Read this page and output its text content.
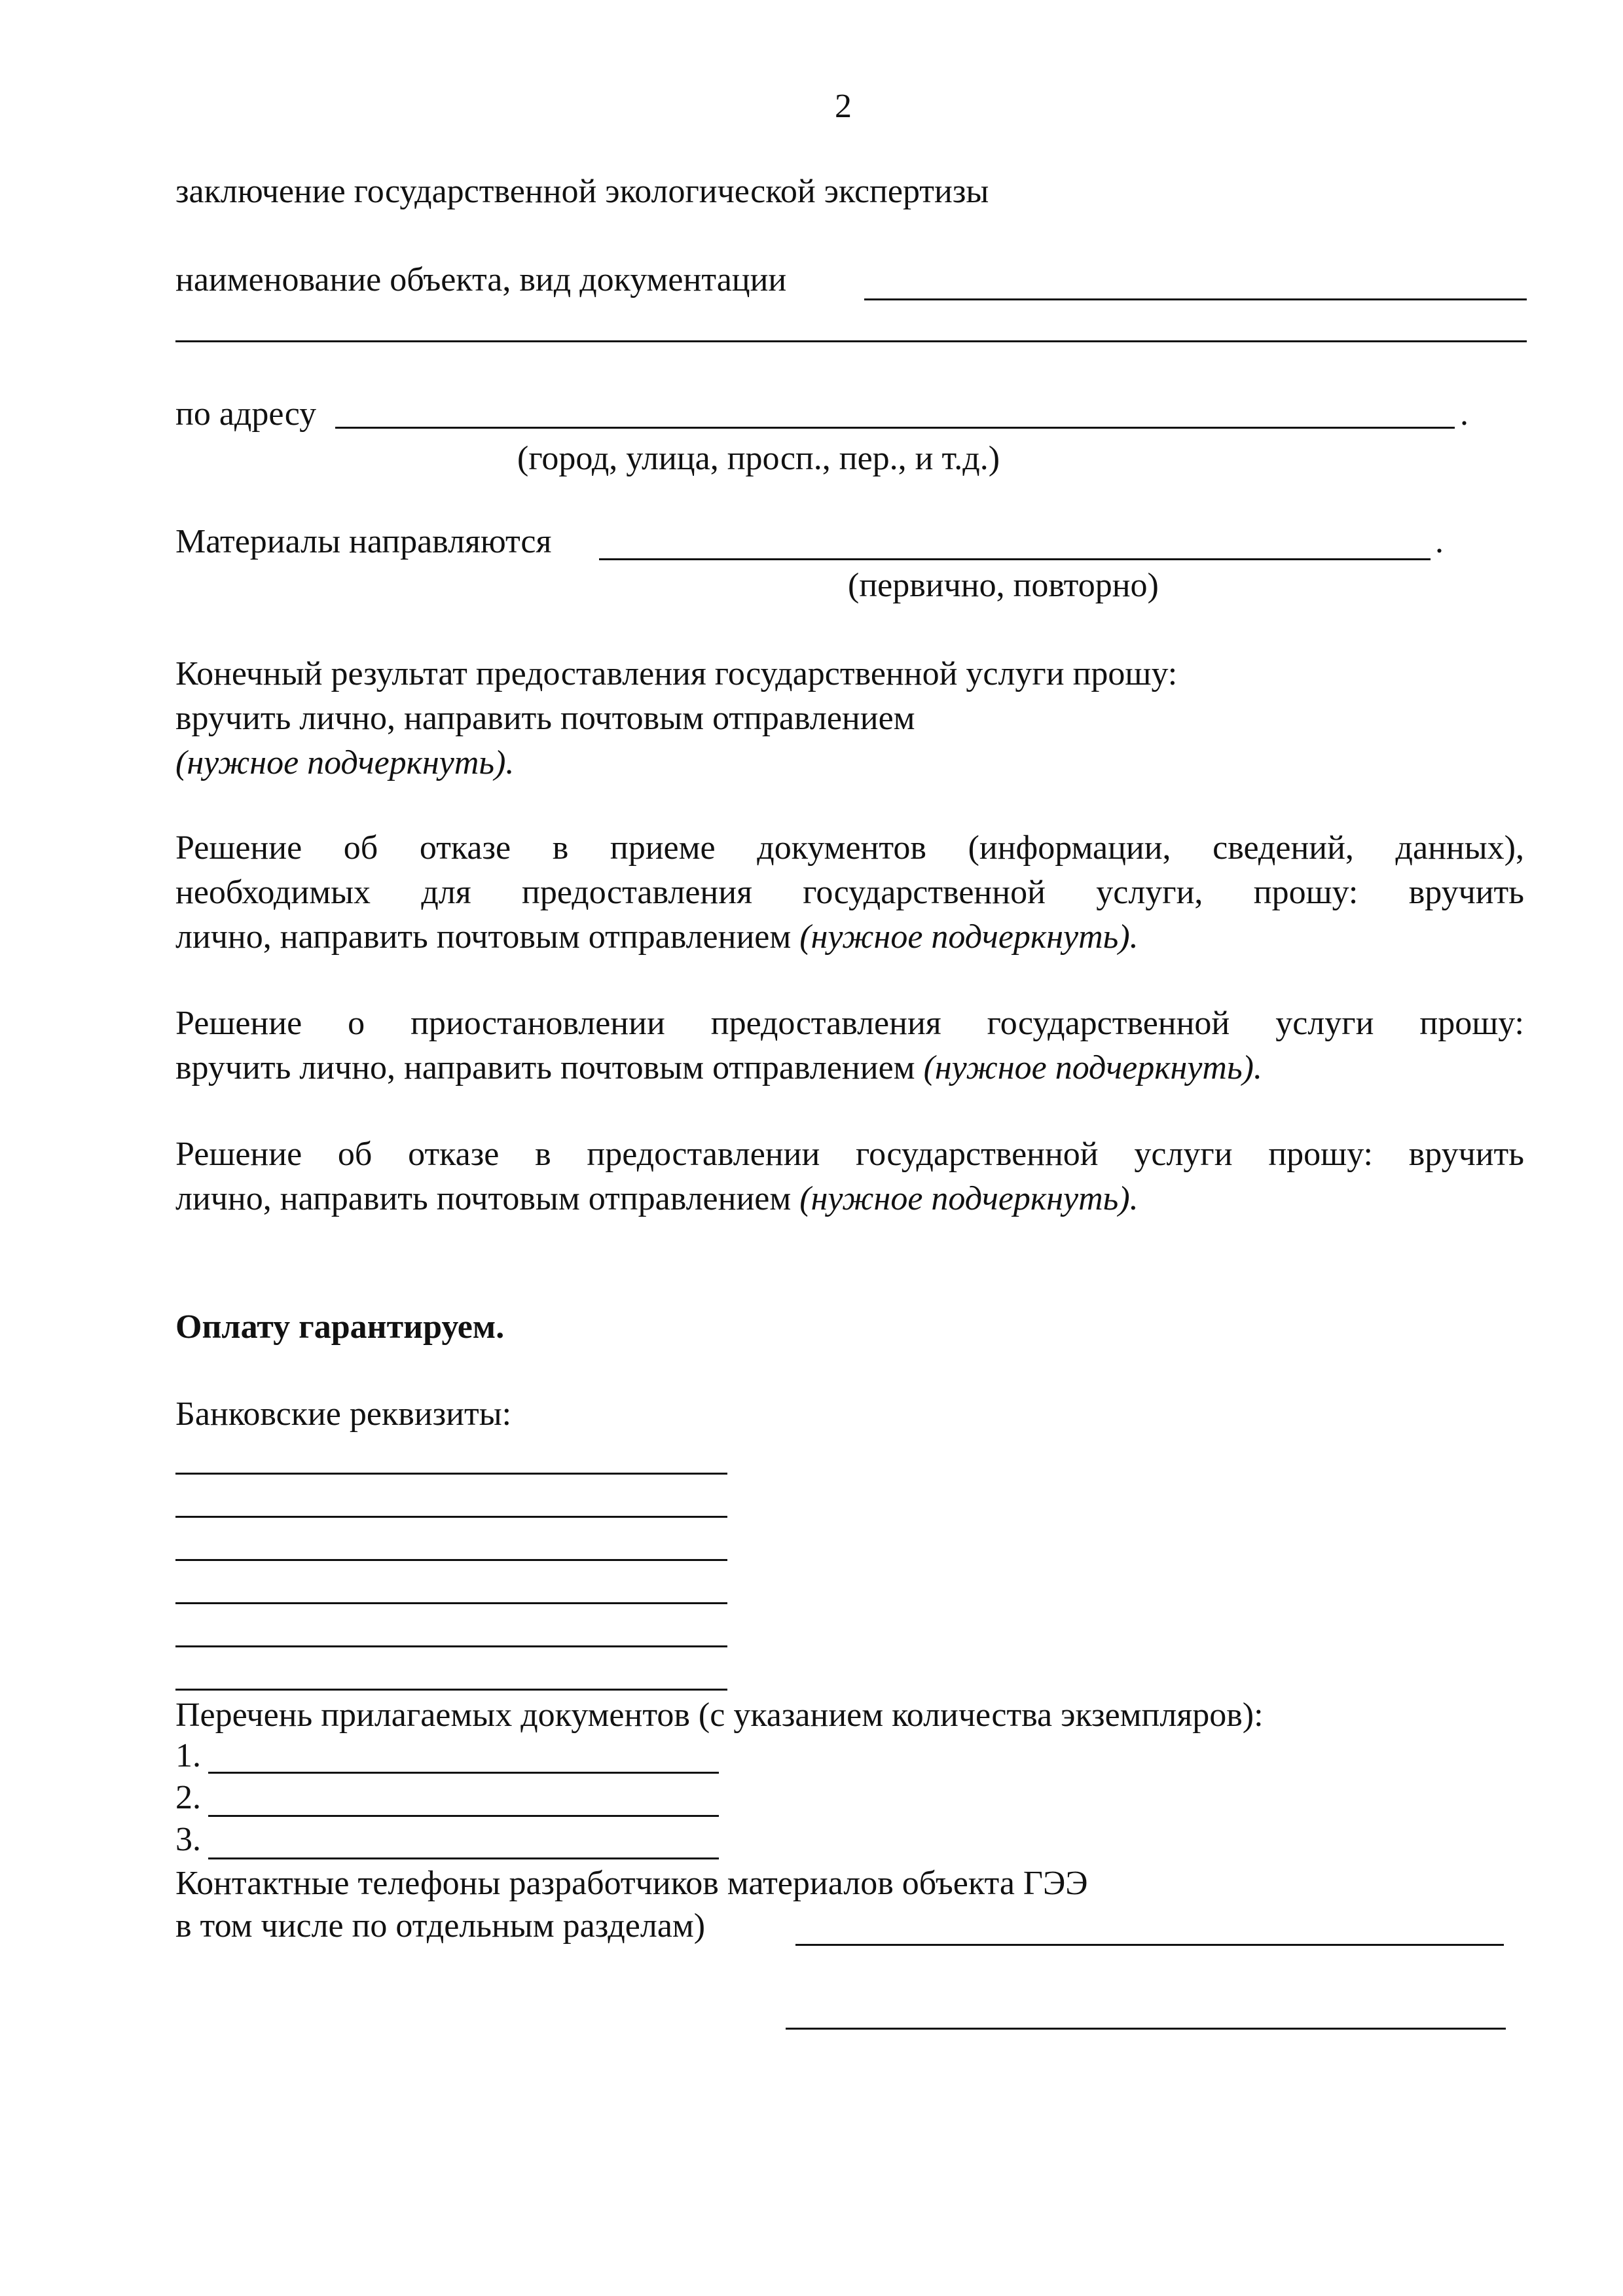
2
заключение государственной экологической экспертизы
наименование объекта, вид документации
по адресу	.
(город, улица, просп., пер., и т.д.)
Материалы направляются	.
(первично, повторно)
Конечный результат предоставления государственной услуги прошу:
вручить лично, направить почтовым отправлением
(нужное подчеркнуть).
Решение об отказе в приеме документов (информации, сведений, данных),
необходимых для предоставления государственной услуги, прошу: вручить
лично, направить почтовым отправлением (нужное подчеркнуть).
Решение о приостановлении предоставления государственной услуги прошу:
вручить лично, направить почтовым отправлением (нужное подчеркнуть).
Решение об отказе в предоставлении государственной услуги прошу: вручить
лично, направить почтовым отправлением (нужное подчеркнуть).
Оплату гарантируем.
Банковские реквизиты:
Перечень прилагаемых документов (с указанием количества экземпляров):
1.
2.
3.
Контактные телефоны разработчиков материалов объекта ГЭЭ
в том числе по отдельным разделам)
